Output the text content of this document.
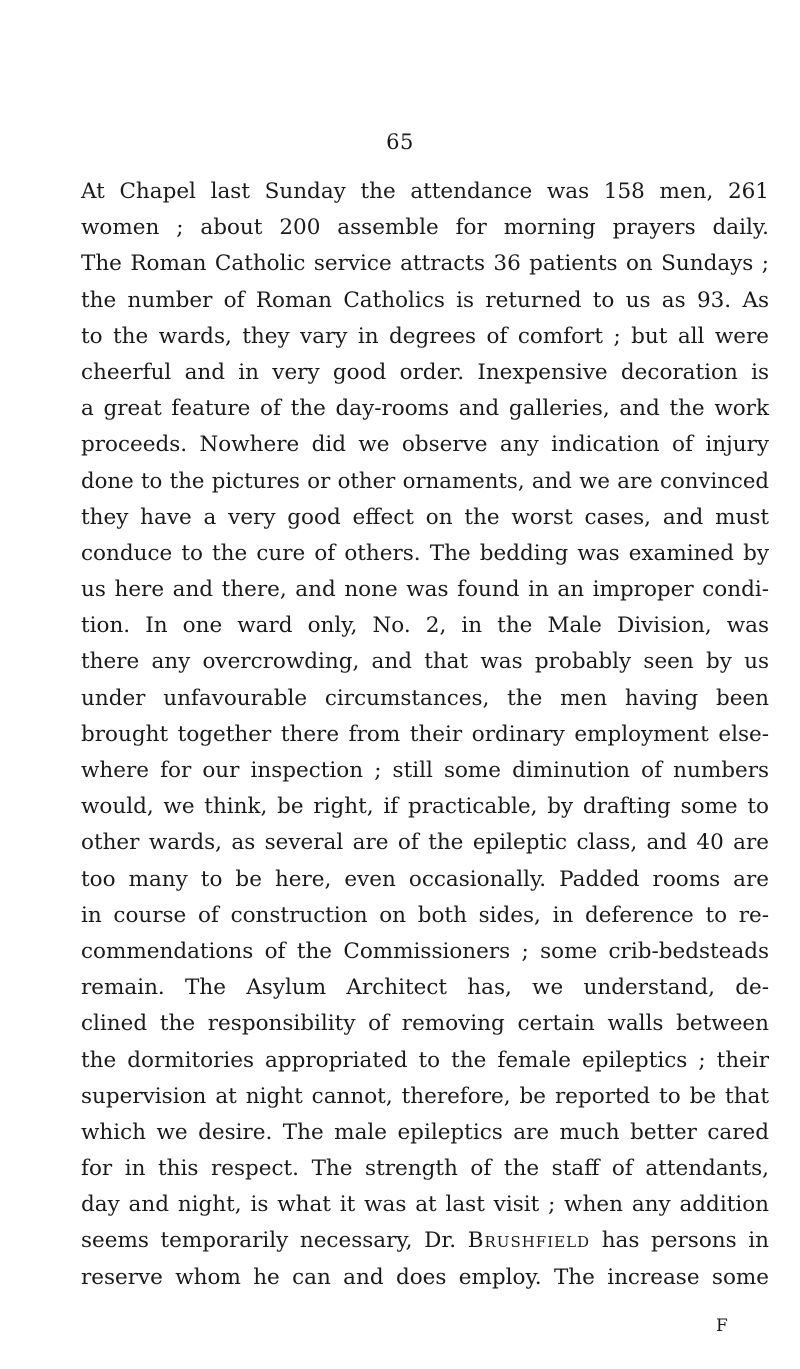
65
At Chapel last Sunday the attendance was 158 men, 261
women ; about 200 assemble for morning prayers daily.
The Roman Catholic service attracts 36 patients on Sundays ;
the number of Roman Catholics is returned to us as 93. As
to the wards, they vary in degrees of comfort ; but all were
cheerful and in very good order. Inexpensive decoration is
a great feature of the day-rooms and galleries, and the work
proceeds. Nowhere did we observe any indication of injury
done to the pictures or other ornaments, and we are convinced
they have a very good effect on the worst cases, and must
conduce to the cure of others. The bedding was examined by
us here and there, and none was found in an improper condi-
tion. In one ward only, No. 2, in the Male Division, was
there any overcrowding, and that was probably seen by us
under unfavourable circumstances, the men having been
brought together there from their ordinary employment else-
where for our inspection ; still some diminution of numbers
would, we think, be right, if practicable, by drafting some to
other wards, as several are of the epileptic class, and 40 are
too many to be here, even occasionally. Padded rooms are
in course of construction on both sides, in deference to re-
commendations of the Commissioners ; some crib-bedsteads
remain. The Asylum Architect has, we understand, de-
clined the responsibility of removing certain walls between
the dormitories appropriated to the female epileptics ; their
supervision at night cannot, therefore, be reported to be that
which we desire. The male epileptics are much better cared
for in this respect. The strength of the staff of attendants,
day and night, is what it was at last visit ; when any addition
seems temporarily necessary, Dr. Brushfield has persons in
reserve whom he can and does employ. The increase some
F
